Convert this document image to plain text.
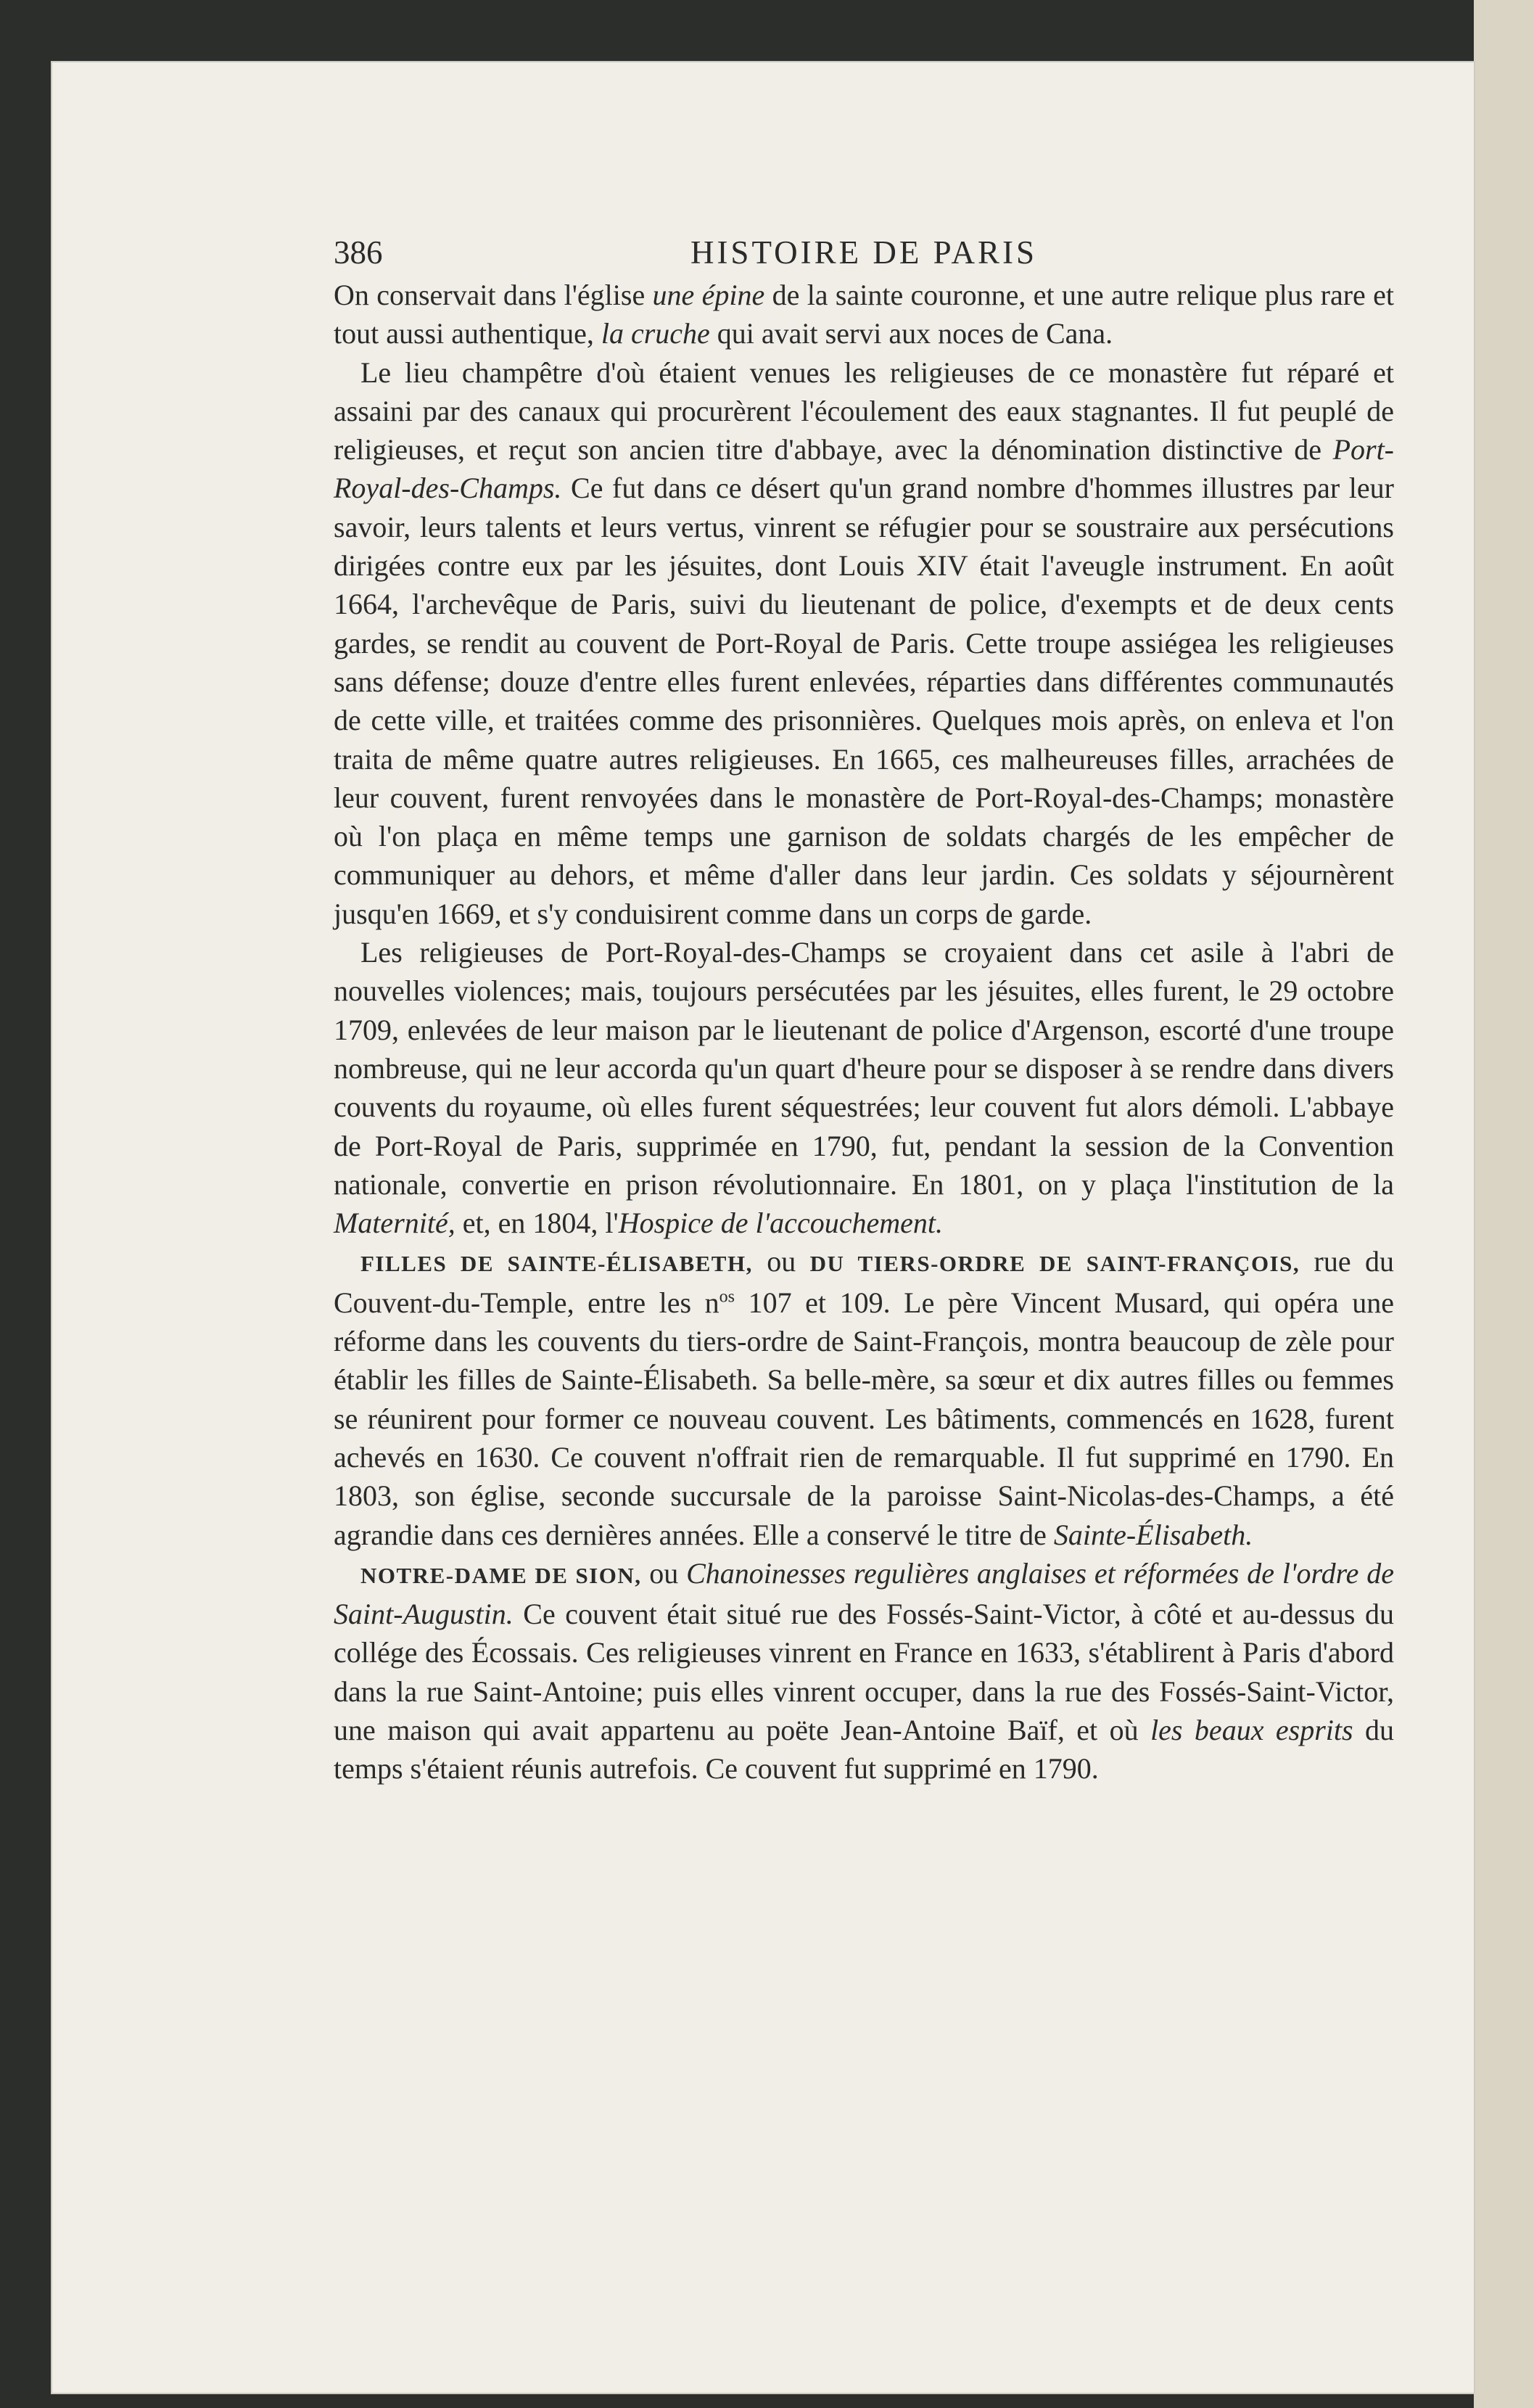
386	HISTOIRE DE PARIS

On conservait dans l'église une épine de la sainte couronne, et une autre relique plus rare et tout aussi authentique, la cruche qui avait servi aux noces de Cana.

Le lieu champêtre d'où étaient venues les religieuses de ce monastère fut réparé et assaini par des canaux qui procurèrent l'écoulement des eaux stagnantes. Il fut peuplé de religieuses, et reçut son ancien titre d'abbaye, avec la dénomination distinctive de Port-Royal-des-Champs. Ce fut dans ce désert qu'un grand nombre d'hommes illustres par leur savoir, leurs talents et leurs vertus, vinrent se réfugier pour se soustraire aux persécutions dirigées contre eux par les jésuites, dont Louis XIV était l'aveugle instrument. En août 1664, l'archevêque de Paris, suivi du lieutenant de police, d'exempts et de deux cents gardes, se rendit au couvent de Port-Royal de Paris. Cette troupe assiégea les religieuses sans défense; douze d'entre elles furent enlevées, réparties dans différentes communautés de cette ville, et traitées comme des prisonnières. Quelques mois après, on enleva et l'on traita de même quatre autres religieuses. En 1665, ces malheureuses filles, arrachées de leur couvent, furent renvoyées dans le monastère de Port-Royal-des-Champs; monastère où l'on plaça en même temps une garnison de soldats chargés de les empêcher de communiquer au dehors, et même d'aller dans leur jardin. Ces soldats y séjournèrent jusqu'en 1669, et s'y conduisirent comme dans un corps de garde.

Les religieuses de Port-Royal-des-Champs se croyaient dans cet asile à l'abri de nouvelles violences; mais, toujours persécutées par les jésuites, elles furent, le 29 octobre 1709, enlevées de leur maison par le lieutenant de police d'Argenson, escorté d'une troupe nombreuse, qui ne leur accorda qu'un quart d'heure pour se disposer à se rendre dans divers couvents du royaume, où elles furent séquestrées; leur couvent fut alors démoli. L'abbaye de Port-Royal de Paris, supprimée en 1790, fut, pendant la session de la Convention nationale, convertie en prison révolutionnaire. En 1801, on y plaça l'institution de la Maternité, et, en 1804, l'Hospice de l'accouchement.

FILLES DE SAINTE-ÉLISABETH, ou DU TIERS-ORDRE DE SAINT-FRANÇOIS, rue du Couvent-du-Temple, entre les $n^{os}$ 107 et 109. Le père Vincent Musard, qui opéra une réforme dans les couvents du tiers-ordre de Saint-François, montra beaucoup de zèle pour établir les filles de Sainte-Élisabeth. Sa belle-mère, sa sœur et dix autres filles ou femmes se réunirent pour former ce nouveau couvent. Les bâtiments, commencés en 1628, furent achevés en 1630. Ce couvent n'offrait rien de remarquable. Il fut supprimé en 1790. En 1803, son église, seconde succursale de la paroisse Saint-Nicolas-des-Champs, a été agrandie dans ces dernières années. Elle a conservé le titre de Sainte-Élisabeth.

NOTRE-DAME DE SION, ou Chanoinesses regulières anglaises et réformées de l'ordre de Saint-Augustin. Ce couvent était situé rue des Fossés-Saint-Victor, à côté et au-dessus du collége des Écossais. Ces religieuses vinrent en France en 1633, s'établirent à Paris d'abord dans la rue Saint-Antoine; puis elles vinrent occuper, dans la rue des Fossés-Saint-Victor, une maison qui avait appartenu au poëte Jean-Antoine Baïf, et où les beaux esprits du temps s'étaient réunis autrefois. Ce couvent fut supprimé en 1790.
